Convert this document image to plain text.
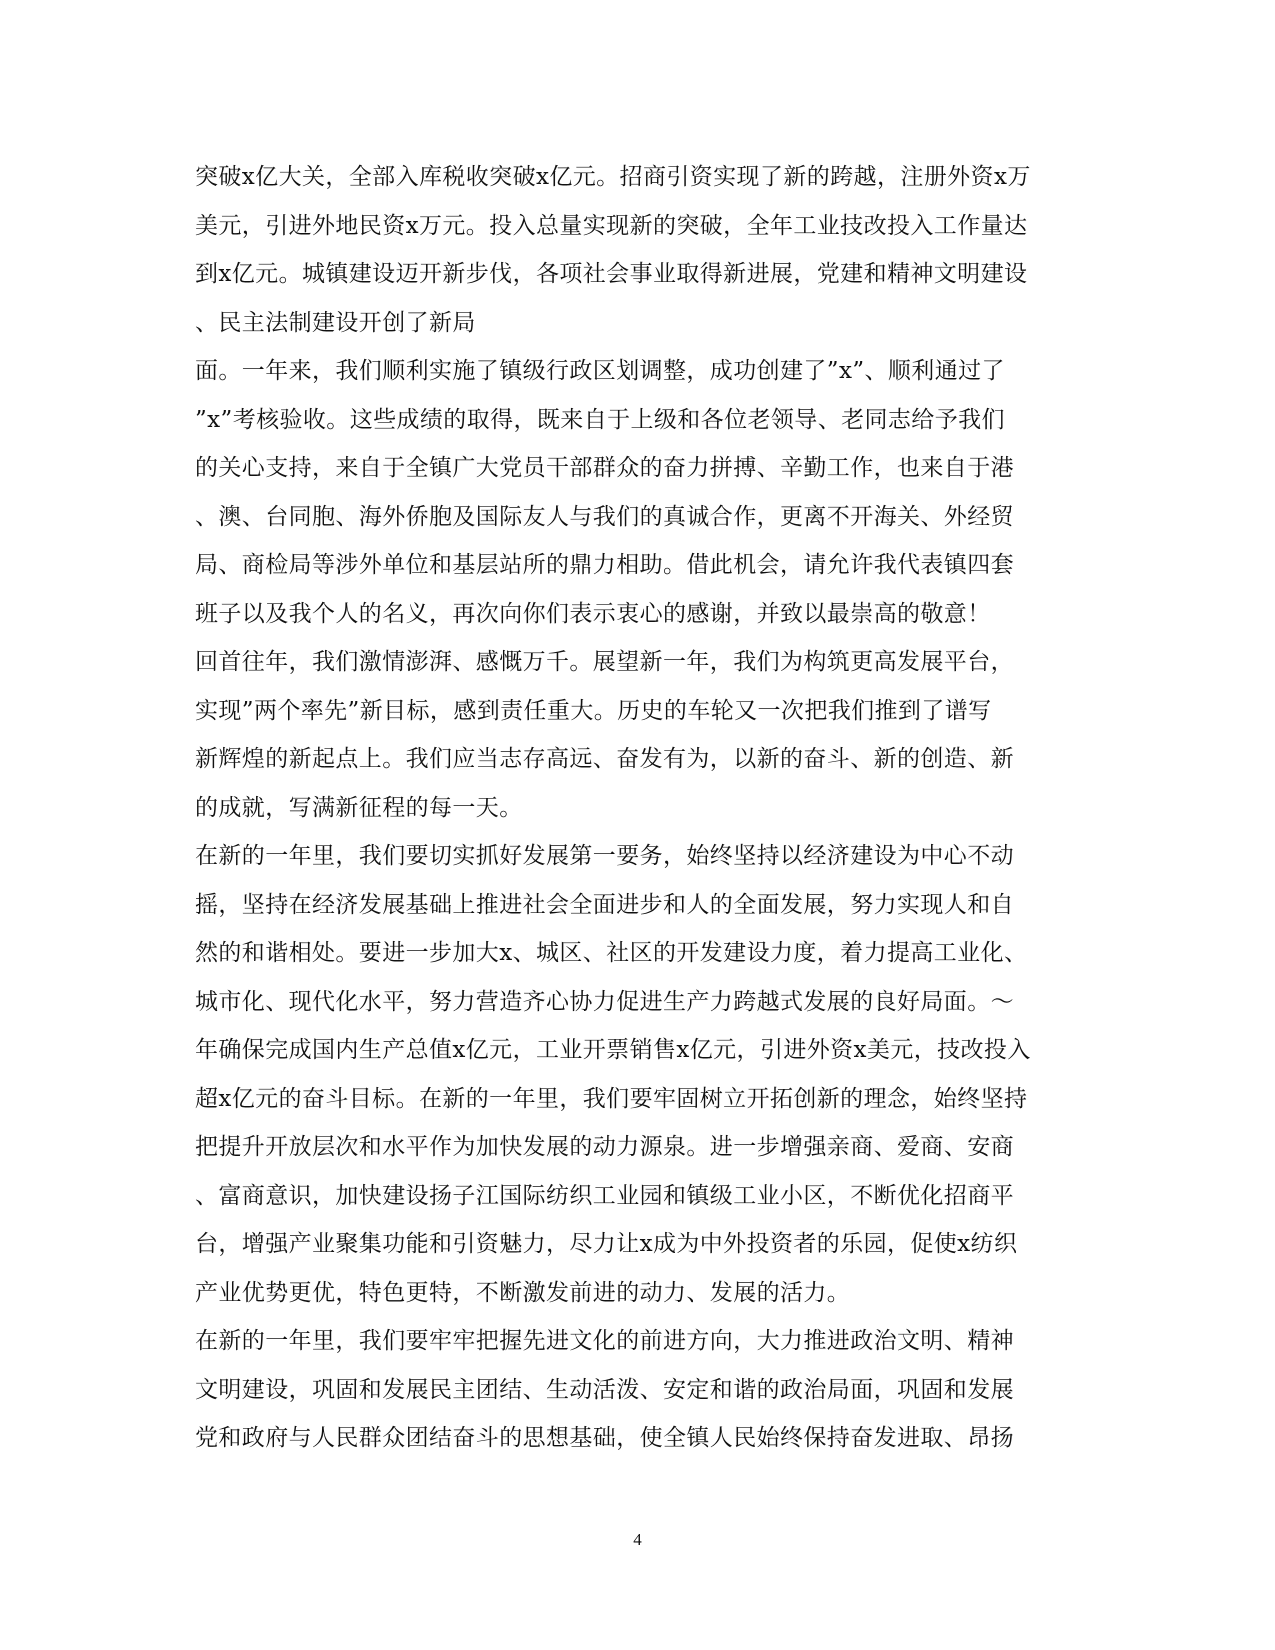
突破x亿大关，全部入库税收突破x亿元。招商引资实现了新的跨越，注册外资x万
美元，引进外地民资x万元。投入总量实现新的突破，全年工业技改投入工作量达
到x亿元。城镇建设迈开新步伐，各项社会事业取得新进展，党建和精神文明建设
、民主法制建设开创了新局
面。一年来，我们顺利实施了镇级行政区划调整，成功创建了”x”、顺利通过了
”x”考核验收。这些成绩的取得，既来自于上级和各位老领导、老同志给予我们
的关心支持，来自于全镇广大党员干部群众的奋力拼搏、辛勤工作，也来自于港
、澳、台同胞、海外侨胞及国际友人与我们的真诚合作，更离不开海关、外经贸
局、商检局等涉外单位和基层站所的鼎力相助。借此机会，请允许我代表镇四套
班子以及我个人的名义，再次向你们表示衷心的感谢，并致以最崇高的敬意！
回首往年，我们激情澎湃、感慨万千。展望新一年，我们为构筑更高发展平台，
实现”两个率先”新目标，感到责任重大。历史的车轮又一次把我们推到了谱写
新辉煌的新起点上。我们应当志存高远、奋发有为，以新的奋斗、新的创造、新
的成就，写满新征程的每一天。
在新的一年里，我们要切实抓好发展第一要务，始终坚持以经济建设为中心不动
摇，坚持在经济发展基础上推进社会全面进步和人的全面发展，努力实现人和自
然的和谐相处。要进一步加大x、城区、社区的开发建设力度，着力提高工业化、
城市化、现代化水平，努力营造齐心协力促进生产力跨越式发展的良好局面。～
年确保完成国内生产总值x亿元，工业开票销售x亿元，引进外资x美元，技改投入
超x亿元的奋斗目标。在新的一年里，我们要牢固树立开拓创新的理念，始终坚持
把提升开放层次和水平作为加快发展的动力源泉。进一步增强亲商、爱商、安商
、富商意识，加快建设扬子江国际纺织工业园和镇级工业小区，不断优化招商平
台，增强产业聚集功能和引资魅力，尽力让x成为中外投资者的乐园，促使x纺织
产业优势更优，特色更特，不断激发前进的动力、发展的活力。
在新的一年里，我们要牢牢把握先进文化的前进方向，大力推进政治文明、精神
文明建设，巩固和发展民主团结、生动活泼、安定和谐的政治局面，巩固和发展
党和政府与人民群众团结奋斗的思想基础，使全镇人民始终保持奋发进取、昂扬
4
